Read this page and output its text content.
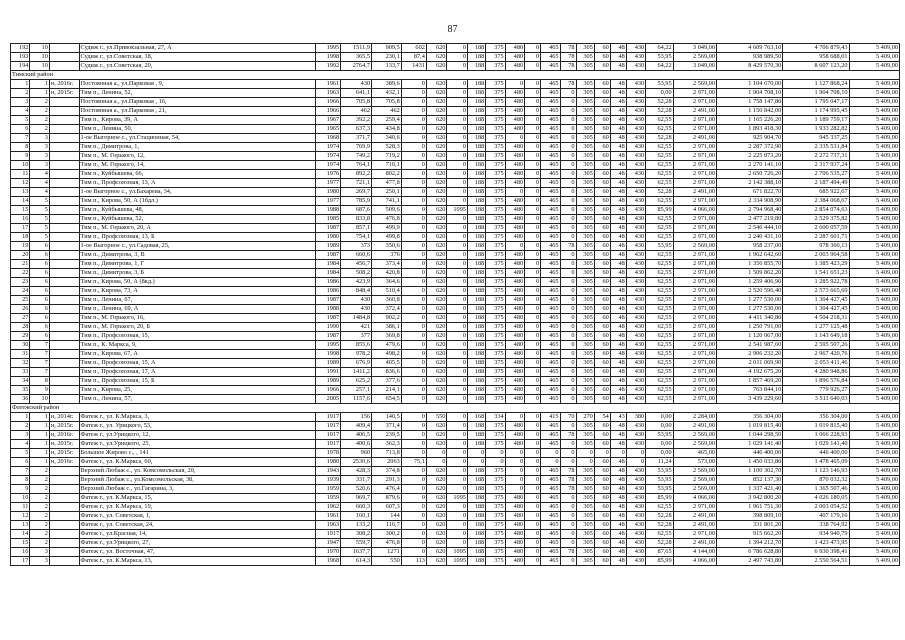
87
192	10		Судиж г., ул.Привокзальная, 27, А	1995	1511,9	909,5	602	620	0	188	375	480	0	465	78	305	60	48	430	64,22	3 049,00	4 609 763,10	4 706 879,43	5 409,00
193	10		Судиж г., ул.Советская, 18,	1998	365,5	230,1	87,4	620	0	188	375	480	0	465	78	305	60	48	430	53,95	2 569,00	938 989,50	958 688,01	5 409,00
194	10		Судиж г., ул.Советская, 20,	1992	2764,7	133,7	1431	620	0	188	375	480	0	465	78	305	60	48	430	64,22	3 049,00	8 429 570,30	8 607 123,20	5 409,00
Тимский район																								
1	1	н, 2016г.	Постоянная а., ул.Парковая , 9,	1961	430	389,6	0	620	0	188	375	0	0	465	78	305	60	48	430	53,95	2 569,00	1 104 670,00	1 127 868,24	5 409,00
2	1	н, 2015г.	Тим п., Ленина, 52,	1963	641,1	432,1	0	620	0	188	375	480	0	465	0	305	60	48	430	0,00	2 971,00	1 904 708,10	1 904 708,10	5 409,00
3	2		Постоянная а., ул.Парковая , 16,	1966	705,8	705,8	0	620	0	188	375	480	0	465	0	305	60	48	430	52,28	2 971,00	1 758 147,80	1 795 047,17	5 409,00
4	2		Постоянная а., ул.Парковая , 21,	1966	462	462	0	620	0	188	375	480	0	465	0	305	60	48	430	52,28	2 491,00	1 150 842,00	1 174 995,45	5 409,00
5	2		Тим п., Кирова, 39, А	1967	392,2	259,4	0	620	0	188	375	480	0	465	0	305	60	48	430	62,55	2 971,00	1 165 226,20	1 189 759,17	5 409,00
6	2		Тим п., Ленина, 50,	1965	637,3	434,8	0	620	0	188	375	480	0	465	0	305	60	48	430	62,55	2 971,00	1 893 418,30	1 933 282,82	5 409,00
7	3		1-ое Выгорное с., ул.Стационная, 54,	1968	371,7	340,6	0	620	0	188	375	0	0	465	0	305	60	48	430	52,28	2 491,00	925 904,70	945 337,25	5 409,00
8	3		Тим п., Димитрова, 1,	1974	769,9	528,3	0	620	0	188	375	480	0	465	0	305	60	48	430	62,55	2 971,00	2 287 372,90	2 335 531,84	5 409,00
9	3		Тим п., М. Горького, 12,	1974	749,2	719,2	0	620	0	188	375	480	0	465	0	305	60	48	430	62,55	2 971,00	2 225 873,20	2 272 737,31	5 409,00
10	3		Тим п., М. Горького, 14,	1974	764,1	710,1	0	620	0	188	375	480	0	465	0	305	60	48	430	62,55	2 971,00	2 270 141,10	2 317 937,24	5 409,00
11	4		Тим п., Куйбышева, 66,	1976	892,2	802,2	0	620	0	188	375	480	0	465	0	305	60	48	430	62,55	2 971,00	2 650 726,20	2 706 535,27	5 409,00
12	4		Тим п., Профсоюзная, 13, А	1977	721,1	477,8	0	620	0	188	375	480	0	465	0	305	60	48	430	62,55	2 971,00	2 142 388,10	2 187 494,49	5 409,00
13	4		1-ое Выгорное с., ул.Бахарева, 34,	1980	269,7	250,1	0	620	0	188	375	0	0	465	0	305	60	48	430	52,28	2 491,00	671 822,70	685 922,67	5 409,00
14	5		Тим п., Кирова, 50, А (1бдл.)	1977	785,9	741,1	0	620	0	188	375	480	0	465	0	305	60	48	430	62,55	2 971,00	2 334 908,90	2 384 068,67	5 409,00
15	5		Тим п., Куйбышева, 48,	1988	687,6	509,6	0	620	1095	188	375	480	0	465	0	305	60	48	430	85,99	4 066,00	2 794 968,40	2 854 074,63	5 409,00
16	5		Тим п., Куйбышева, 52,	1985	833,8	476,8	0	620	0	188	375	480	0	465	0	305	60	48	430	62,55	2 971,00	2 477 219,80	2 529 375,82	5 409,00
17	5		Тим п., М. Горького, 20, А	1987	857,1	499,9	0	620	0	188	375	480	0	465	0	305	60	48	430	62,55	2 971,00	2 546 444,10	2 600 057,59	5 409,00
18	5		Тим п., Профсоюзная, 13, Б	1980	754,1	499,8	0	620	0	188	375	480	0	465	0	305	60	48	430	62,55	2 971,00	2 240 431,10	2 287 601,71	5 409,00
19	6		1-ое Выгорное с., ул.Садовая, 25,	1989	373	350,6	0	620	0	188	375	0	0	465	78	305	60	48	430	53,95	2 569,00	958 237,00	978 360,13	5 409,00
20	6		Тим п., Димитрова, 3, В	1987	660,6	376	0	620	0	188	375	480	0	465	0	305	60	48	430	62,55	2 971,00	1 962 642,60	2 003 964,58	5 409,00
21	6		Тим п., Димитрова, 1, Г	1984	456,7	373,4	0	620	0	188	375	480	0	465	0	305	60	48	430	62,55	2 971,00	1 356 855,70	1 385 423,29	5 409,00
22	6		Тим п., Димитрова, 3, Б	1984	508,2	420,8	0	620	0	188	375	480	0	465	0	305	60	48	430	62,55	2 971,00	1 509 862,20	1 541 651,23	5 409,00
23	6		Тим п., Кирова, 50, А (8кд.)	1986	423,9	364,6	0	620	0	188	375	480	0	465	0	305	60	48	430	62,55	2 971,00	1 259 406,90	1 285 922,78	5 409,00
24	6		Тим п., Кирова, 73, А	1986	848,4	510,4	0	620	0	188	375	480	0	465	0	305	60	48	430	62,55	2 971,00	2 520 596,40	2 573 665,69	5 409,00
25	6		Тим п., Ленина, 67,	1987	430	360,8	0	620	0	188	375	480	0	465	0	305	60	48	430	62,55	2 971,00	1 277 530,00	1 304 427,45	5 409,00
26	6		Тим п., Ленина, 69, А	1988	430	372,4	0	620	0	188	375	480	0	465	0	305	60	48	430	62,55	2 971,00	1 277 530,00	1 304 427,45	5 409,00
27	6		Тим п., М. Горького, 16,	1987	1484,8	902,2	0	620	0	188	375	480	0	465	0	305	60	48	430	62,55	2 971,00	4 411 340,80	4 504 218,31	5 409,00
28	6		Тим п., М. Горького, 20, Б	1990	421	386,1	0	620	0	188	375	480	0	465	0	305	60	48	430	62,55	2 971,00	1 250 791,00	1 277 125,48	5 409,00
29	6		Тим п., Профсоюзная, 15,	1987	377	369,8	0	620	0	188	375	480	0	465	0	305	60	48	430	62,55	2 971,00	1 120 067,00	1 143 649,18	5 409,00
30	7		Тим п., К. Маркса, 9,	1995	855,6	479,6	0	620	0	188	375	480	0	465	0	305	60	48	430	62,55	2 971,00	2 541 987,60	2 595 507,26	5 409,00
31	7		Тим п., Кирова, 67, А	1998	978,2	498,2	0	620	0	188	375	480	0	465	0	305	60	48	430	62,55	2 971,00	2 906 232,20	2 967 420,76	5 409,00
32	7		Тим п., Профсоюзная, 15, А	1989	676,9	405,5	0	620	0	188	375	480	0	465	0	305	60	48	430	62,55	2 971,00	2 011 069,90	2 053 411,46	5 409,00
33	7		Тим п., Профсоюзная, 17, А	1991	1411,2	836,6	0	620	0	188	375	480	0	465	0	305	60	48	430	62,55	2 971,00	4 192 675,20	4 280 948,86	5 409,00
34	8		Тим п., Профсоюзная, 15, Б	1989	625,2	377,6	0	620	0	188	375	480	0	465	0	305	60	48	430	62,55	2 971,00	1 857 469,20	1 896 576,84	5 409,00
35	9		Тим п., Кирова, 25,	1966	257,1	214,1	0	620	0	188	375	480	0	465	0	305	60	48	430	62,55	2 971,00	763 844,10	779 926,27	5 409,00
36	10		Тим п., Ленина, 57,	2005	1157,6	654,5	0	620	0	188	375	480	0	465	0	305	60	48	430	62,55	2 971,00	3 439 229,60	3 511 640,03	5 409,00
Фатежский район																								
1	1	н, 2014г.	Фатеж г., ул. К.Маркса, 3,	1917	156	140,5	0	550	0	168	334	0	0	415	70	270	54	43	380	0,00	2 284,00	356 304,00	356 304,00	5 409,00
2	1	н, 2015г.	Фатеж г., ул. Урицкого, 53,	1917	409,4	371,4	0	620	0	188	375	480	0	465	0	305	60	48	430	0,00	2 491,00	1 019 815,40	1 019 815,40	5 409,00
3	1	н, 2016г.	Фатеж г., ул.Урицкого, 12,	1917	406,5	239,5	0	620	0	188	375	480	0	465	78	305	60	48	430	53,95	2 569,00	1 044 298,50	1 066 228,93	5 409,00
4	1	н, 2015г.	Фатеж г., ул.Урицкого, 25,	1917	400,6	362,3	0	620	0	188	375	480	0	465	0	305	60	48	430	0,00	2 569,00	1 029 141,40	1 029 141,40	5 409,00
5	1	н, 2015г.	Большое Жирово с., , 141	1978	960	713,8	0	0	0	0	0	0	0	0	0	0	0	0	0	0,00	465,00	446 400,00	446 400,00	5 409,00
6	1	н, 2016г.	Фатеж г., ул. К.Маркса, 60,	1980	2530,6	2063	75,1	0	0	0	0	0	0	0	0	0	60	48	0	11,24	573,00	1 450 033,80	1 478 465,09	5 409,00
7	2		Верхний Любаж с., ул. Комсомольская, 20,	1943	428,3	374,8	0	620	0	188	375	0	0	465	78	305	60	48	430	53,95	2 569,00	1 100 302,70	1 123 146,93	5 409,00
8	2		Верхний Любаж с., ул.Комсомольская, 38,	1939	331,7	291,3	0	620	0	188	375	0	0	465	78	305	60	48	430	53,95	2 569,00	852 137,30	870 032,32	5 409,00
9	2		Верхний Любаж с., ул.Гагарина, 3,	1959	520,6	476,4	0	620	0	188	375	0	0	465	78	305	60	48	430	53,95	2 569,00	1 337 421,40	1 365 507,46	5 409,00
10	2		Фатеж г., ул. К.Маркса, 15,	1959	969,7	879,6	0	620	1095	188	375	480	0	465	0	305	60	48	430	85,99	4 066,00	3 942 800,20	4 026 180,05	5 409,00
11	2		Фатеж г., ул. К.Маркса, 19,	1962	660,3	607,3	0	620	0	188	375	480	0	465	0	305	60	48	430	62,55	2 971,00	1 961 751,30	2 003 054,52	5 409,00
12	2		Фатеж г., ул. Советская, 1,	1961	160,1	144	0	620	0	188	375	480	0	465	0	305	60	48	430	52,28	2 491,00	398 809,10	407 179,16	5 409,00
13	2		Фатеж г., ул. Советская, 24,	1963	133,2	116,7	0	620	0	188	375	480	0	465	0	305	60	48	430	52,28	2 491,00	331 801,20	338 764,92	5 409,00
14	2		Фатеж г., ул.Красная, 14,	1917	308,2	300,2	0	620	0	188	375	480	0	465	0	305	60	48	430	62,55	2 971,00	915 662,20	934 940,79	5 409,00
15	2		Фатеж г., ул.Урицкого, 27,	1947	559,7	476,8	0	620	0	188	375	480	0	465	0	305	60	48	430	52,28	2 491,00	1 394 212,70	1 423 473,95	5 409,00
16	3		Фатеж г., ул. Восточная, 47,	1970	1637,7	1271	0	620	1095	188	375	480	0	465	78	305	60	48	430	87,65	4 144,00	6 786 628,80	6 930 398,41	5 409,00
17	3		Фатеж г., ул. К.Маркса, 13,	1968	614,3	550	113	620	1095	188	375	480	0	465	0	305	60	48	430	85,99	4 066,00	2 497 743,80	2 550 564,51	5 409,00
